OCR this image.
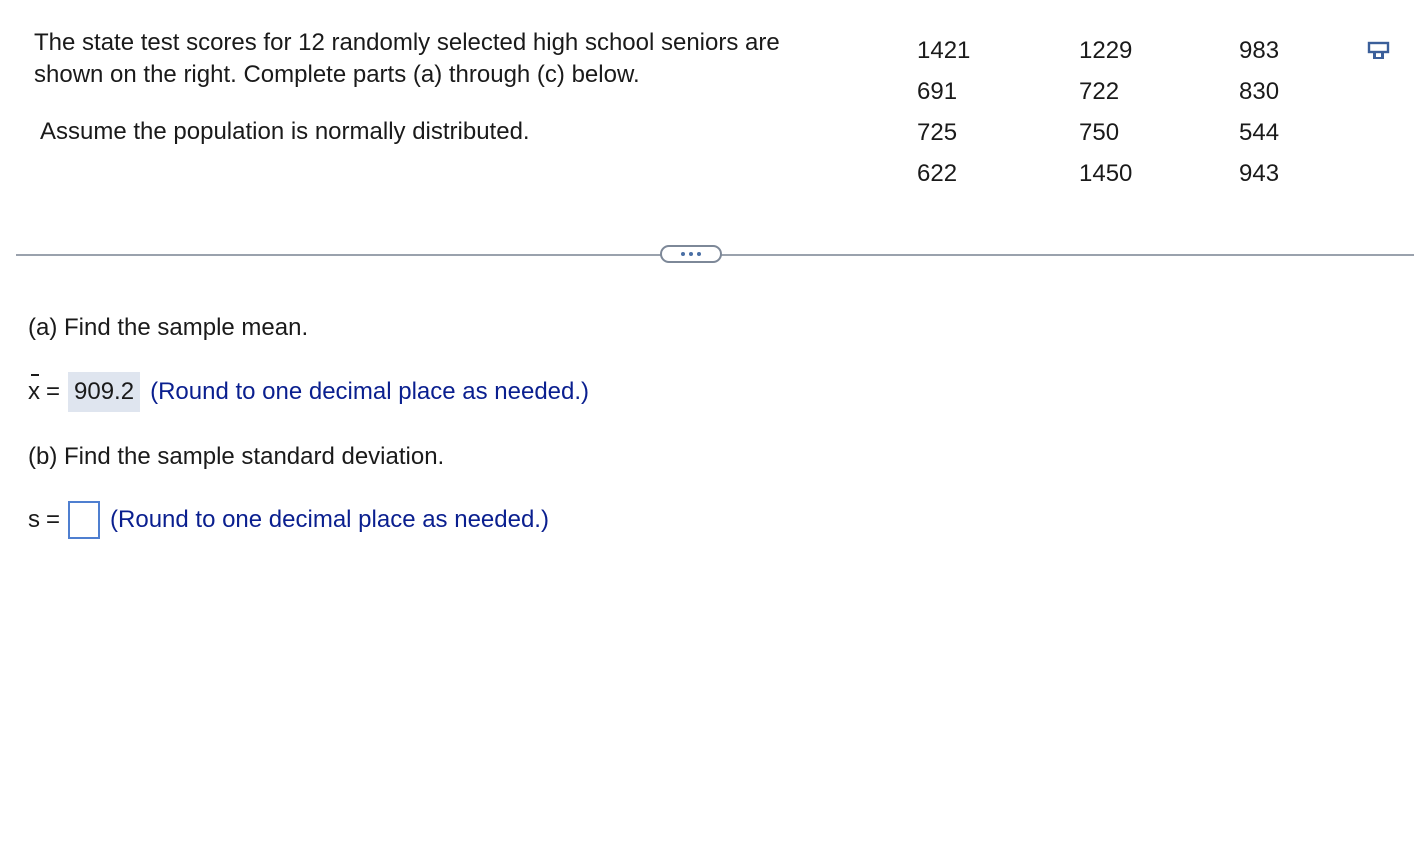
The state test scores for 12 randomly selected high school seniors are
shown on the right. Complete parts (a) through (c) below.
Assume the population is normally distributed.
1421	1229	983
691	722	830
725	750	544
622	1450	943
(a) Find the sample mean.
x = 909.2 (Round to one decimal place as needed.)
(b) Find the sample standard deviation.
s = (Round to one decimal place as needed.)
